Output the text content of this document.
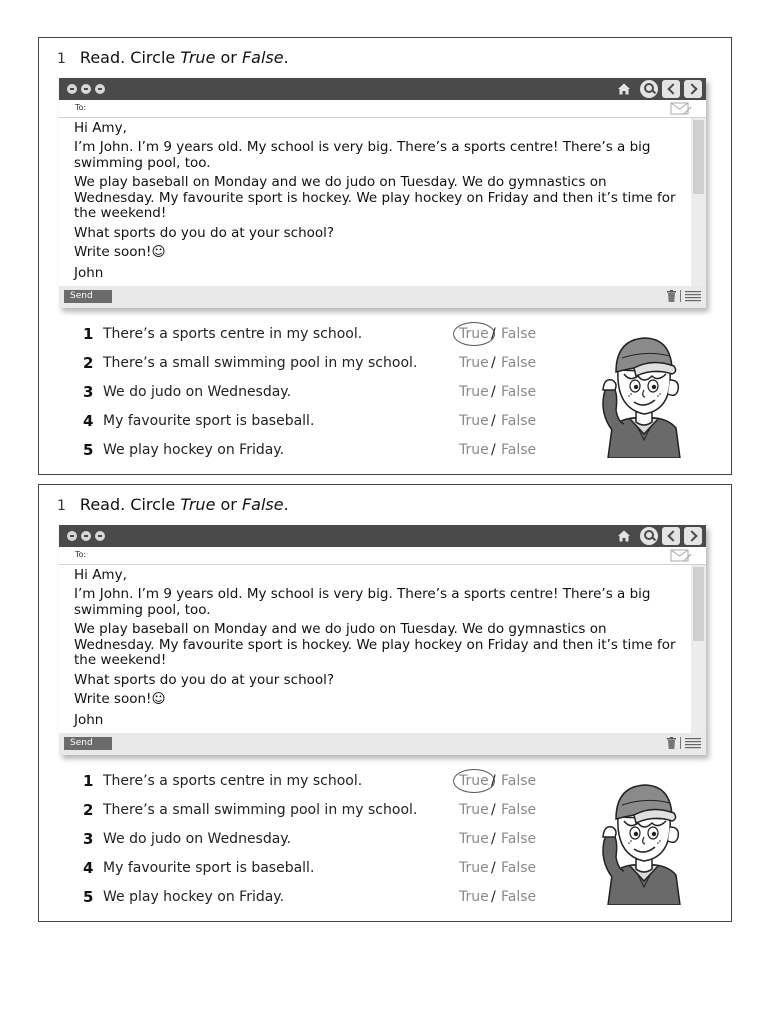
1 Read. Circle True or False.
To:
Hi Amy,
I’m John. I’m 9 years old. My school is very big. There’s a sports centre! There’s a big swimming pool, too.
We play baseball on Monday and we do judo on Tuesday. We do gymnastics on Wednesday. My favourite sport is hockey. We play hockey on Friday and then it’s time for the weekend!
What sports do you do at your school?
Write soon!☺
John
Send
1 There’s a sports centre in my school.	True / False
2 There’s a small swimming pool in my school.	True / False
3 We do judo on Wednesday.	True / False
4 My favourite sport is baseball.	True / False
5 We play hockey on Friday.	True / False
1 Read. Circle True or False.
To:
Hi Amy,
I’m John. I’m 9 years old. My school is very big. There’s a sports centre! There’s a big swimming pool, too.
We play baseball on Monday and we do judo on Tuesday. We do gymnastics on Wednesday. My favourite sport is hockey. We play hockey on Friday and then it’s time for the weekend!
What sports do you do at your school?
Write soon!☺
John
Send
1 There’s a sports centre in my school.	True / False
2 There’s a small swimming pool in my school.	True / False
3 We do judo on Wednesday.	True / False
4 My favourite sport is baseball.	True / False
5 We play hockey on Friday.	True / False
